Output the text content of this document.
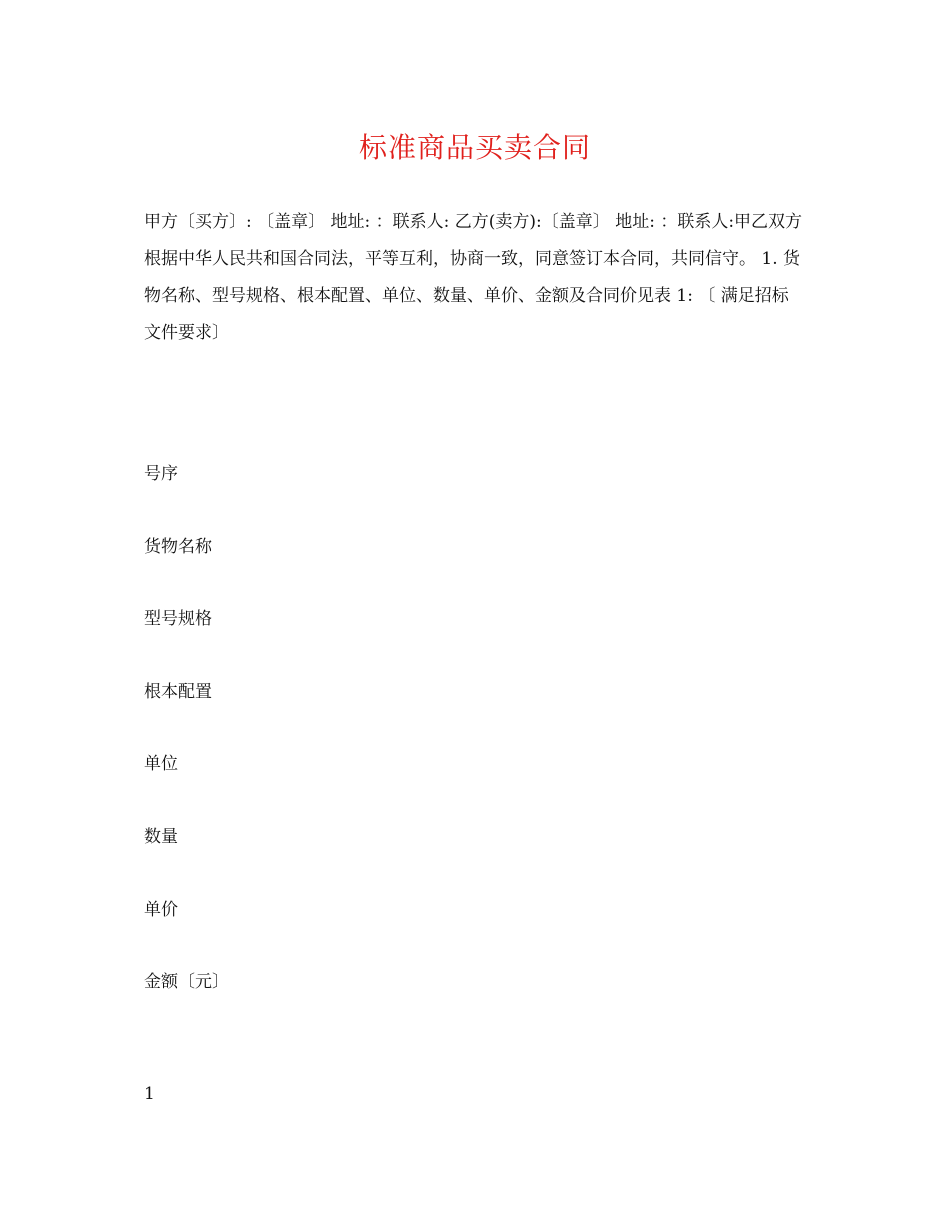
标准商品买卖合同
甲方〔买方〕: 〔盖章〕 地址: ：联系人: 乙方(卖方):〔盖章〕 地址: ：联系人:甲乙双方根据中华人民共和国合同法，平等互利，协商一致，同意签订本合同，共同信守。 1. 货物名称、型号规格、根本配置、单位、数量、单价、金额及合同价见表 1: 〔 满足招标文件要求〕
号序
货物名称
型号规格
根本配置
单位
数量
单价
金额〔元〕
1
